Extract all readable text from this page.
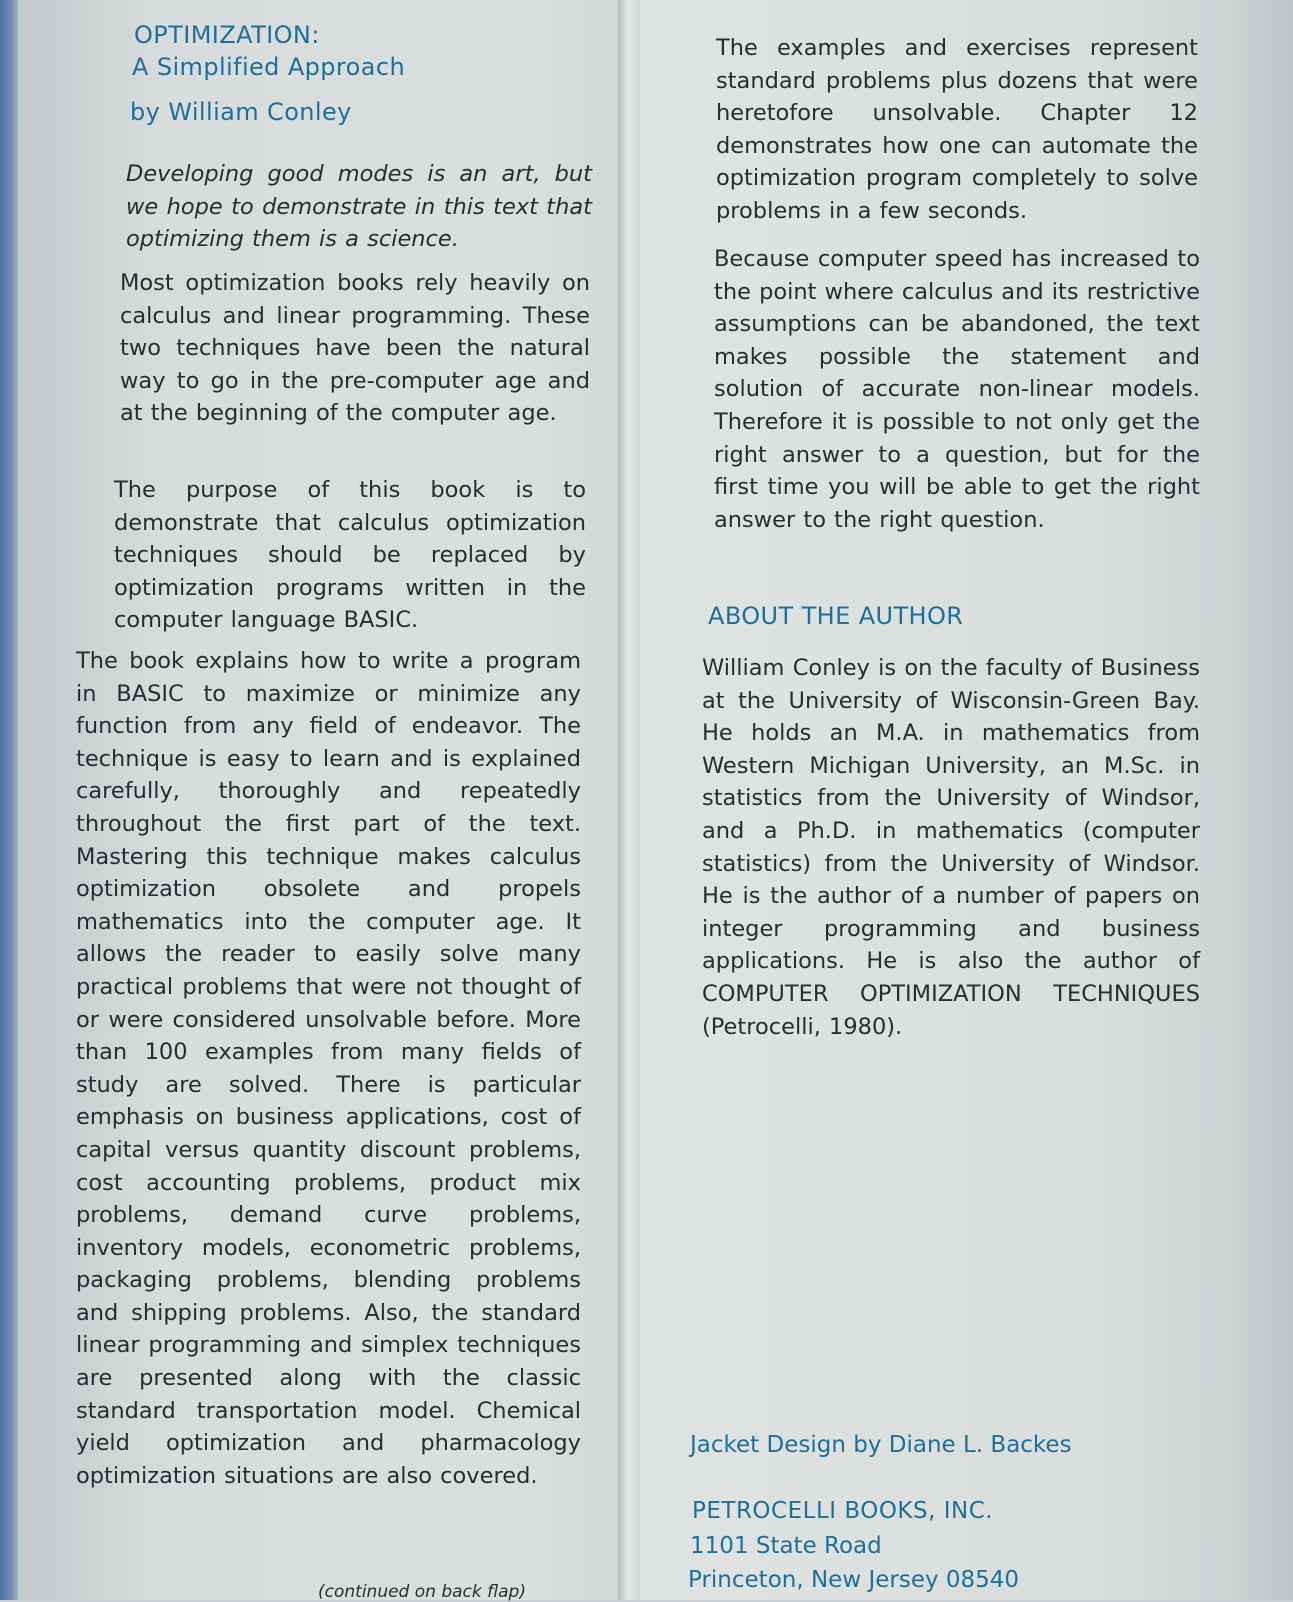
OPTIMIZATION:
A Simplified Approach

by William Conley

Developing good modes is an art, but we hope to demonstrate in this text that optimizing them is a science.

Most optimization books rely heavily on calculus and linear programming. These two techniques have been the natural way to go in the pre-computer age and at the beginning of the computer age.

The purpose of this book is to demonstrate that calculus optimization techniques should be replaced by optimization programs written in the computer language BASIC.

The book explains how to write a program in BASIC to maximize or minimize any function from any field of endeavor. The technique is easy to learn and is explained carefully, thoroughly and repeatedly throughout the first part of the text. Mastering this technique makes calculus optimization obsolete and propels mathematics into the computer age. It allows the reader to easily solve many practical problems that were not thought of or were considered unsolvable before. More than 100 examples from many fields of study are solved. There is particular emphasis on business applications, cost of capital versus quantity discount problems, cost accounting problems, product mix problems, demand curve problems, inventory models, econometric problems, packaging problems, blending problems and shipping problems. Also, the standard linear programming and simplex techniques are presented along with the classic standard transportation model. Chemical yield optimization and pharmacology optimization situations are also covered.

(continued on back flap)

The examples and exercises represent standard problems plus dozens that were heretofore unsolvable. Chapter 12 demonstrates how one can automate the optimization program completely to solve problems in a few seconds.

Because computer speed has increased to the point where calculus and its restrictive assumptions can be abandoned, the text makes possible the statement and solution of accurate non-linear models. Therefore it is possible to not only get the right answer to a question, but for the first time you will be able to get the right answer to the right question.

ABOUT THE AUTHOR

William Conley is on the faculty of Business at the University of Wisconsin-Green Bay. He holds an M.A. in mathematics from Western Michigan University, an M.Sc. in statistics from the University of Windsor, and a Ph.D. in mathematics (computer statistics) from the University of Windsor. He is the author of a number of papers on integer programming and business applications. He is also the author of COMPUTER OPTIMIZATION TECHNIQUES (Petrocelli, 1980).

Jacket Design by Diane L. Backes

PETROCELLI BOOKS, INC.

1101 State Road

Princeton, New Jersey 08540
